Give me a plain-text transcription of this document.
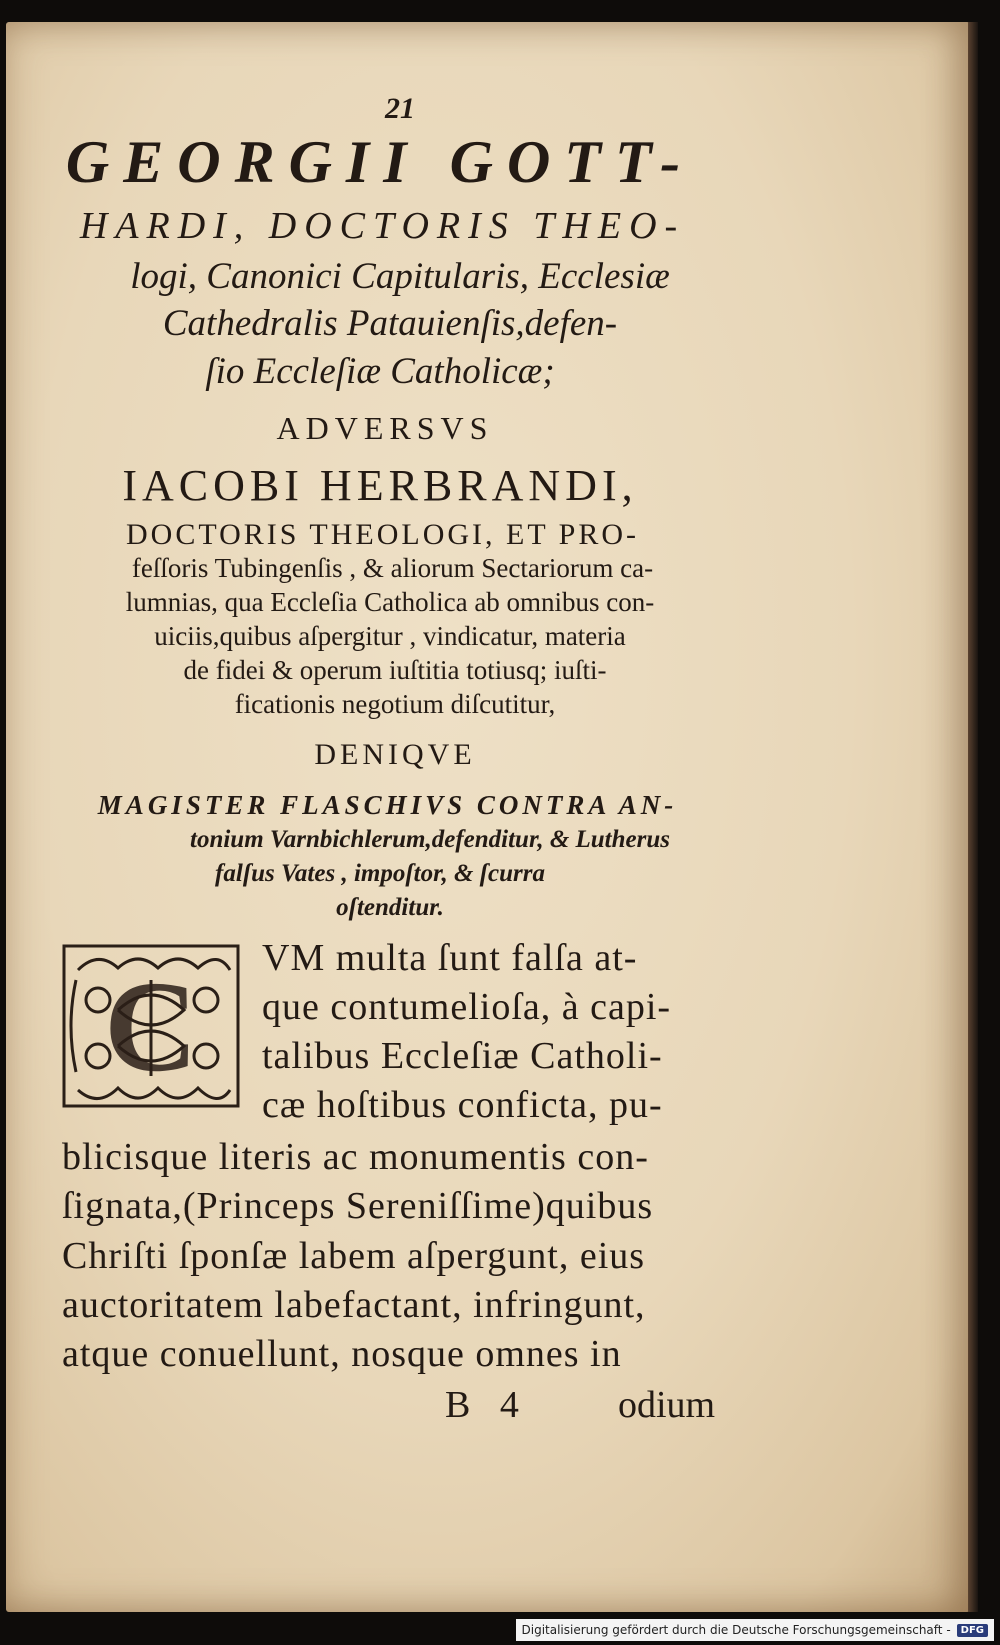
21
GEORGII GOTT-
HARDI, DOCTORIS THEO-
logi, Canonici Capitularis, Ecclesiæ
Cathedralis Patauienſis,defen-
ſio Eccleſiæ Catholicæ;
ADVERSVS
IACOBI HERBRANDI,
DOCTORIS THEOLOGI, ET PRO-
feſſoris Tubingenſis , & aliorum Sectariorum ca-
lumnias, qua Eccleſia Catholica ab omnibus con-
uiciis,quibus aſpergitur , vindicatur, materia
de fidei & operum iuſtitia totiusq; iuſti-
ficationis negotium diſcutitur,
DENIQVE
MAGISTER FLASCHIVS CONTRA AN-
tonium Varnbichlerum,defenditur, & Lutherus
falſus Vates , impoſtor, & ſcurra
oſtenditur.
C VM multa ſunt falſa at-
que contumelioſa, à capi-
talibus Eccleſiæ Catholi-
cæ hoſtibus conficta, pu-
blicisque literis ac monumentis con-
ſignata,(Princeps Sereniſſime)quibus
Chriſti ſponſæ labem aſpergunt, eius
auctoritatem labefactant, infringunt,
atque conuellunt, nosque omnes in
B 4 odium
Digitalisierung gefördert durch die Deutsche Forschungsgemeinschaft -	DFG
